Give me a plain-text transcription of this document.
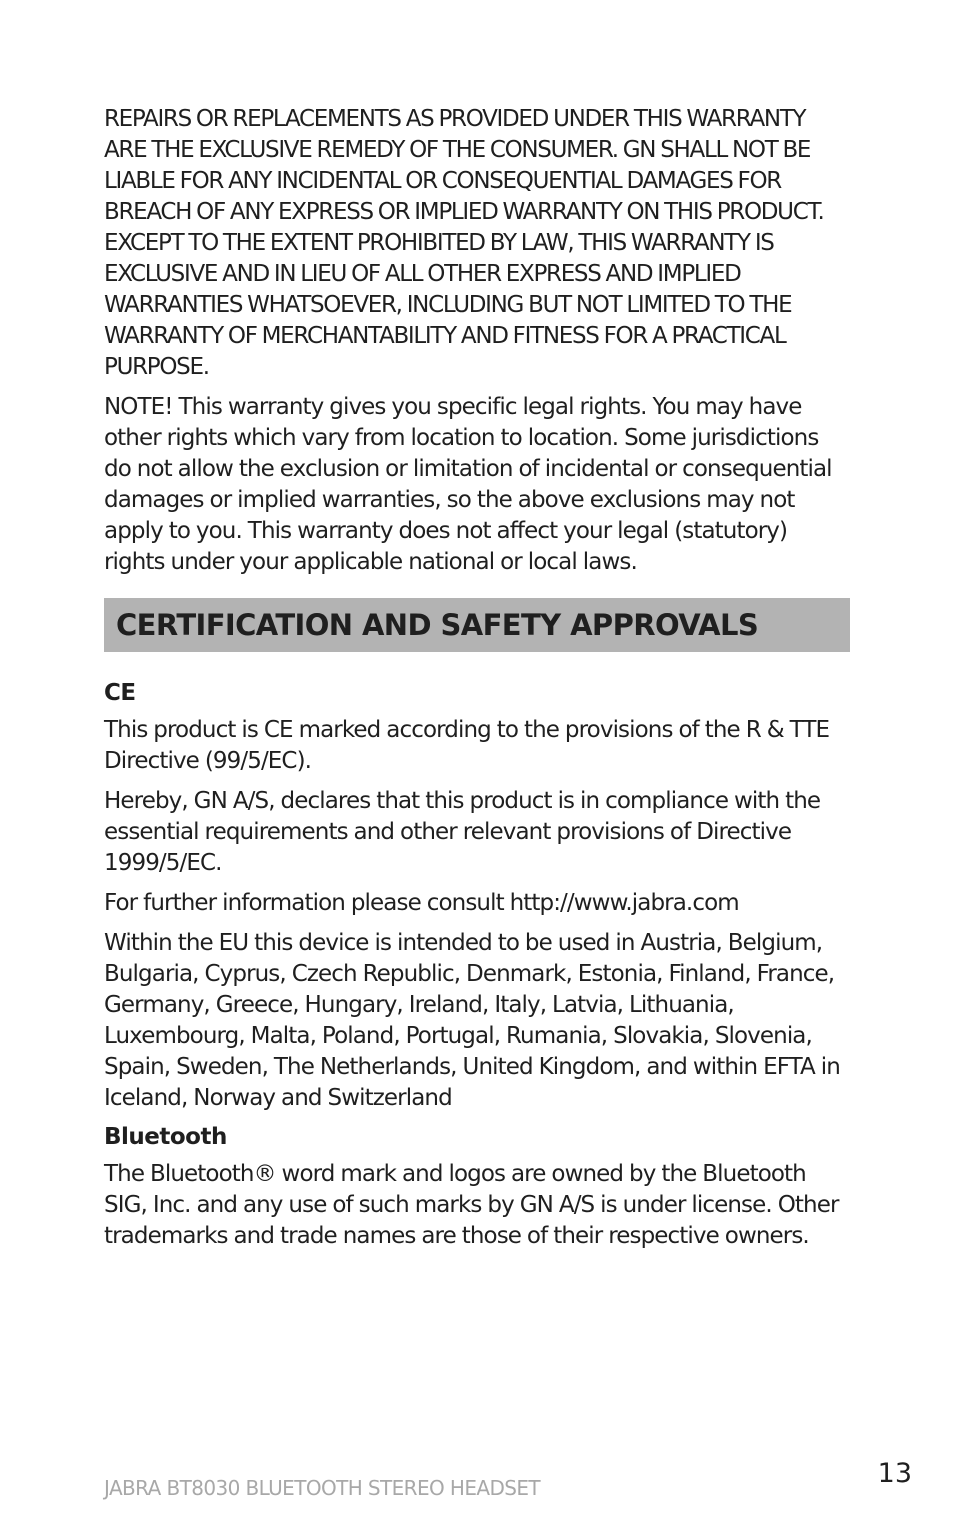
REPAIRS OR REPLACEMENTS AS PROVIDED UNDER THIS WARRANTY ARE THE EXCLUSIVE REMEDY OF THE CONSUMER. GN SHALL NOT BE LIABLE FOR ANY INCIDENTAL OR CONSEQUENTIAL DAMAGES FOR BREACH OF ANY EXPRESS OR IMPLIED WARRANTY ON THIS PRODUCT. EXCEPT TO THE EXTENT PROHIBITED BY LAW, THIS WARRANTY IS EXCLUSIVE AND IN LIEU OF ALL OTHER EXPRESS AND IMPLIED WARRANTIES WHATSOEVER, INCLUDING BUT NOT LIMITED TO THE WARRANTY OF MERCHANTABILITY AND FITNESS FOR A PRACTICAL PURPOSE.

NOTE! This warranty gives you specific legal rights. You may have other rights which vary from location to location. Some jurisdictions do not allow the exclusion or limitation of incidental or consequential damages or implied warranties, so the above exclusions may not apply to you. This warranty does not affect your legal (statutory) rights under your applicable national or local laws.

CERTIFICATION AND SAFETY APPROVALS
CE

This product is CE marked according to the provisions of the R & TTE Directive (99/5/EC).

Hereby, GN A/S, declares that this product is in compliance with the essential requirements and other relevant provisions of Directive 1999/5/EC.

For further information please consult http://www.jabra.com

Within the EU this device is intended to be used in Austria, Belgium, Bulgaria, Cyprus, Czech Republic, Denmark, Estonia, Finland, France, Germany, Greece, Hungary, Ireland, Italy, Latvia, Lithuania, Luxembourg, Malta, Poland, Portugal, Rumania, Slovakia, Slovenia, Spain, Sweden, The Netherlands, United Kingdom, and within EFTA in Iceland, Norway and Switzerland

Bluetooth

The Bluetooth® word mark and logos are owned by the Bluetooth SIG, Inc. and any use of such marks by GN A/S is under license. Other trademarks and trade names are those of their respective owners.

JABRA BT8030 BLUETOOTH STEREO HEADSET	13
